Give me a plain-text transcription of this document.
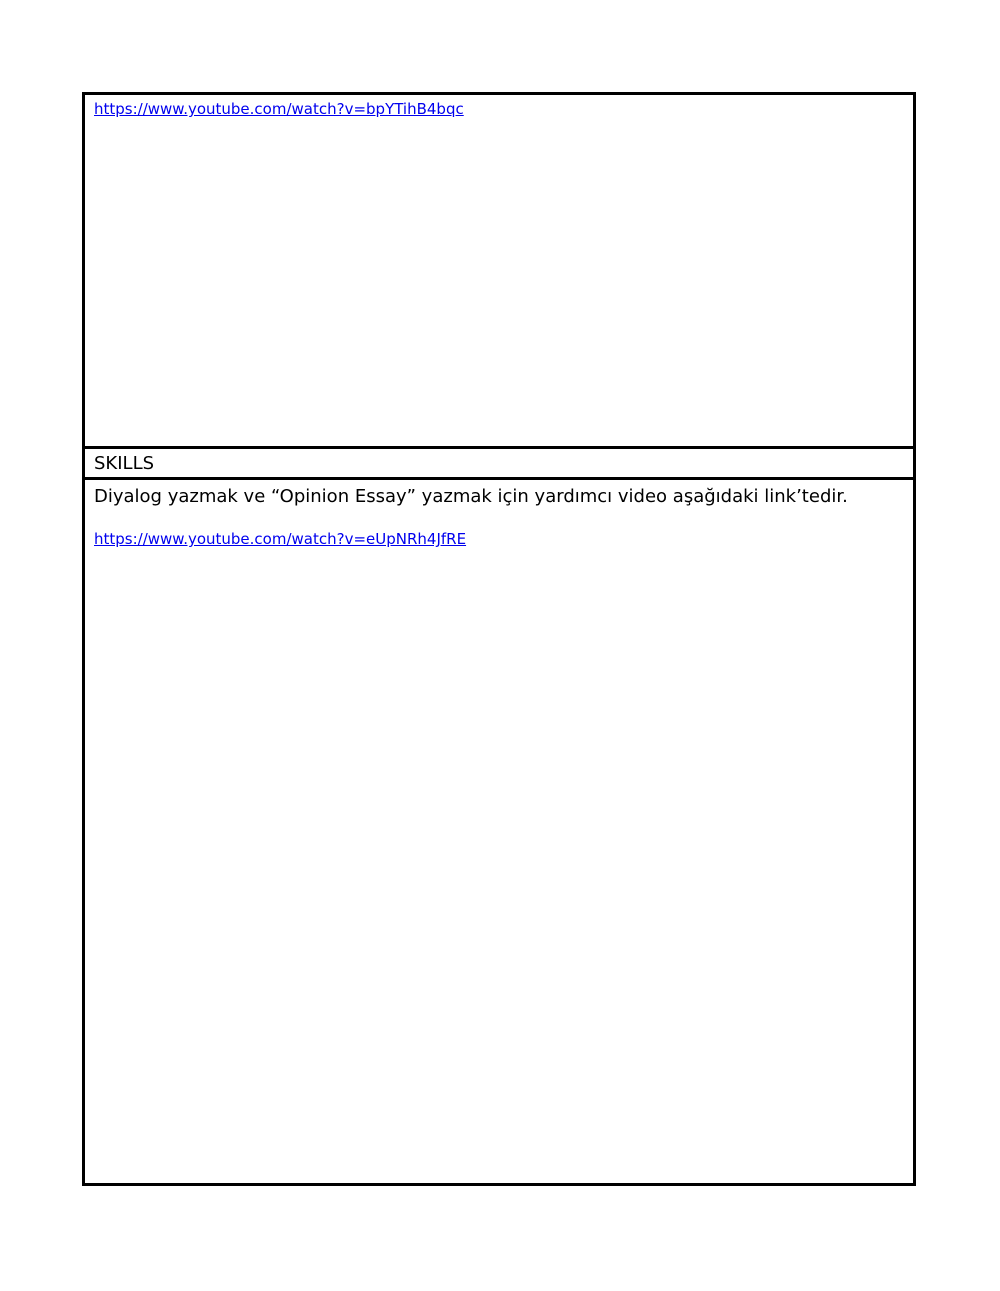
https://www.youtube.com/watch?v=bpYTihB4bqc
SKILLS

Diyalog yazmak ve “Opinion Essay” yazmak için yardımcı video aşağıdaki link’tedir.

https://www.youtube.com/watch?v=eUpNRh4JfRE
